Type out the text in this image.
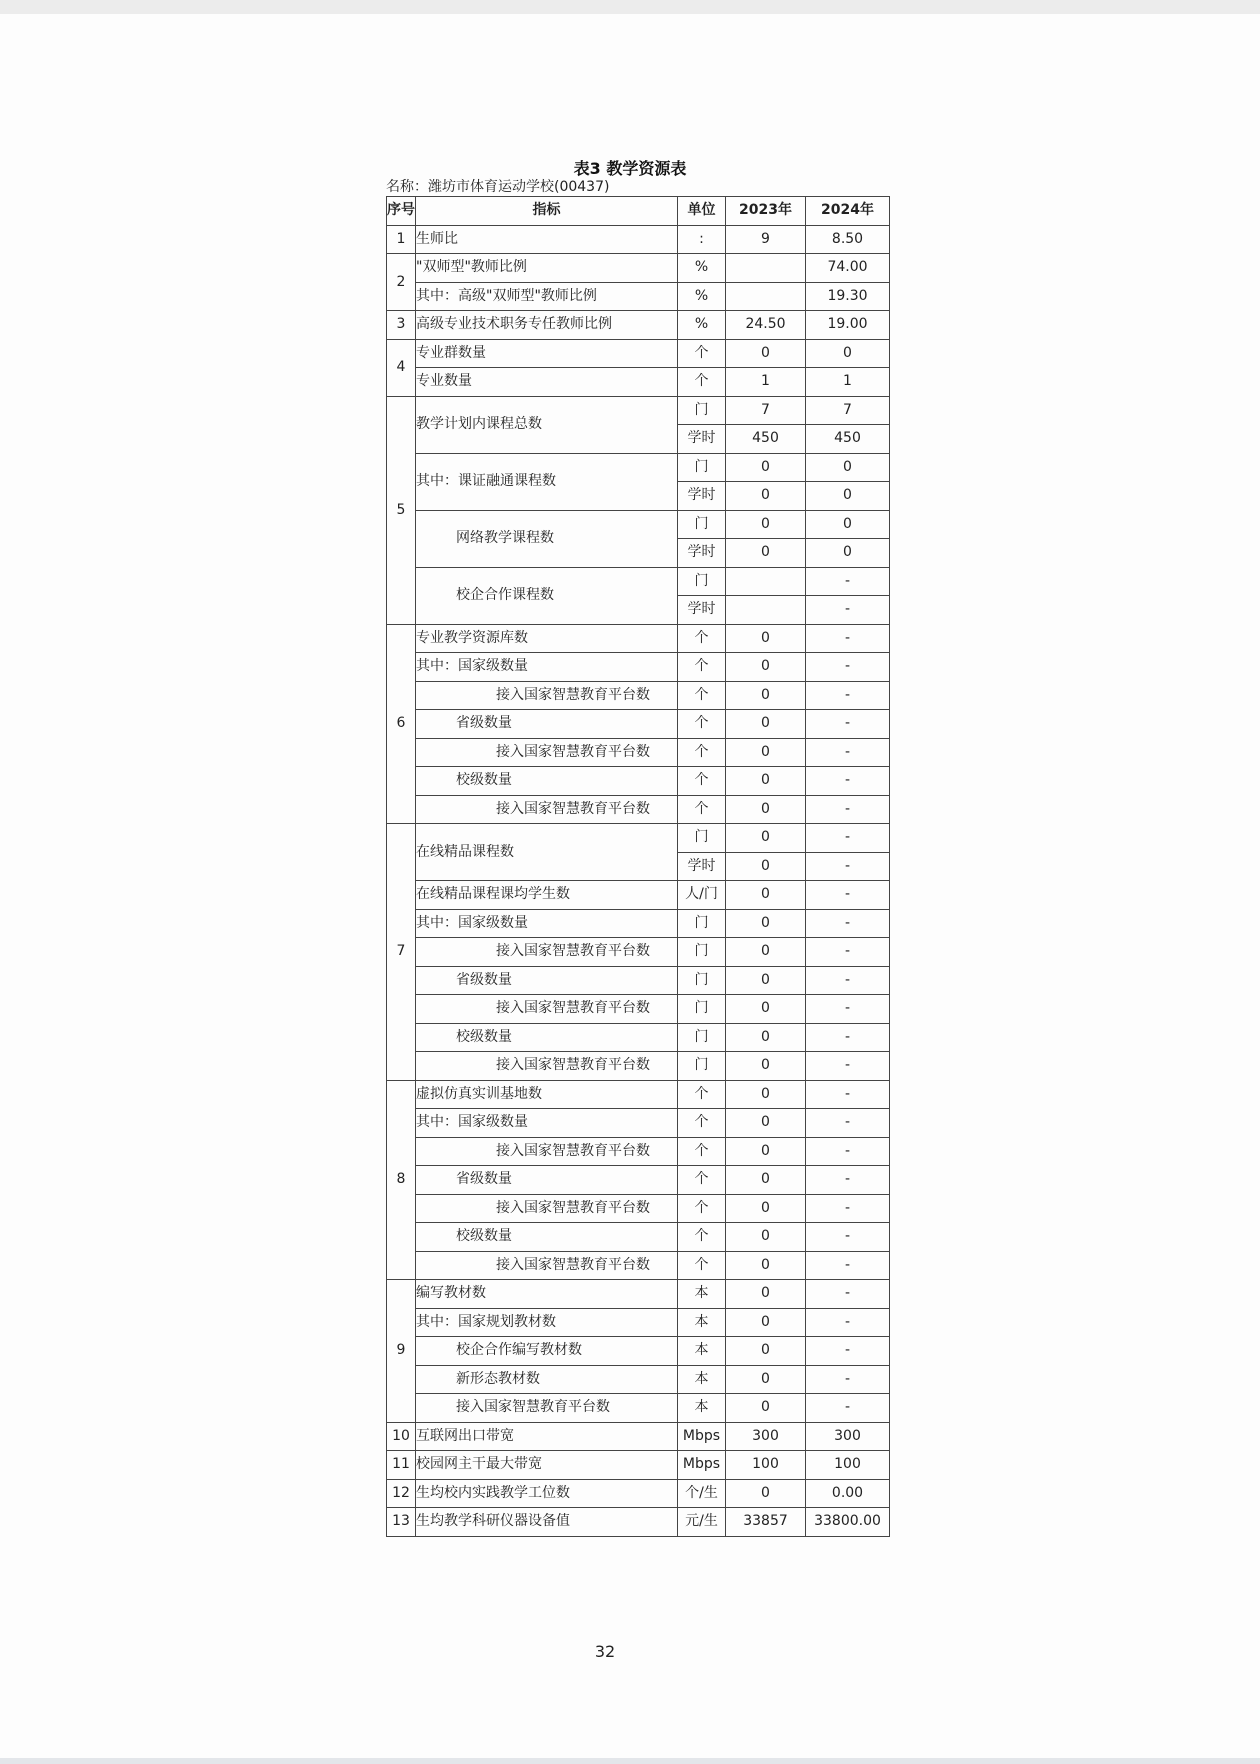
表3 教学资源表
名称：潍坊市体育运动学校(00437)
序号	指标	单位	2023年	2024年
1	生师比	:	9	8.50
2	"双师型"教师比例	%		74.00
	其中：高级"双师型"教师比例	%		19.30
3	高级专业技术职务专任教师比例	%	24.50	19.00
4	专业群数量	个	0	0
	专业数量	个	1	1
5	教学计划内课程总数	门	7	7
		学时	450	450
	其中：课证融通课程数	门	0	0
		学时	0	0
	网络教学课程数	门	0	0
		学时	0	0
	校企合作课程数	门		-
		学时		-
6	专业教学资源库数	个	0	-
	其中：国家级数量	个	0	-
	接入国家智慧教育平台数	个	0	-
	省级数量	个	0	-
	接入国家智慧教育平台数	个	0	-
	校级数量	个	0	-
	接入国家智慧教育平台数	个	0	-
7	在线精品课程数	门	0	-
		学时	0	-
	在线精品课程课均学生数	人/门	0	-
	其中：国家级数量	门	0	-
	接入国家智慧教育平台数	门	0	-
	省级数量	门	0	-
	接入国家智慧教育平台数	门	0	-
	校级数量	门	0	-
	接入国家智慧教育平台数	门	0	-
8	虚拟仿真实训基地数	个	0	-
	其中：国家级数量	个	0	-
	接入国家智慧教育平台数	个	0	-
	省级数量	个	0	-
	接入国家智慧教育平台数	个	0	-
	校级数量	个	0	-
	接入国家智慧教育平台数	个	0	-
9	编写教材数	本	0	-
	其中：国家规划教材数	本	0	-
	校企合作编写教材数	本	0	-
	新形态教材数	本	0	-
	接入国家智慧教育平台数	本	0	-
10	互联网出口带宽	Mbps	300	300
11	校园网主干最大带宽	Mbps	100	100
12	生均校内实践教学工位数	个/生	0	0.00
13	生均教学科研仪器设备值	元/生	33857	33800.00
32
